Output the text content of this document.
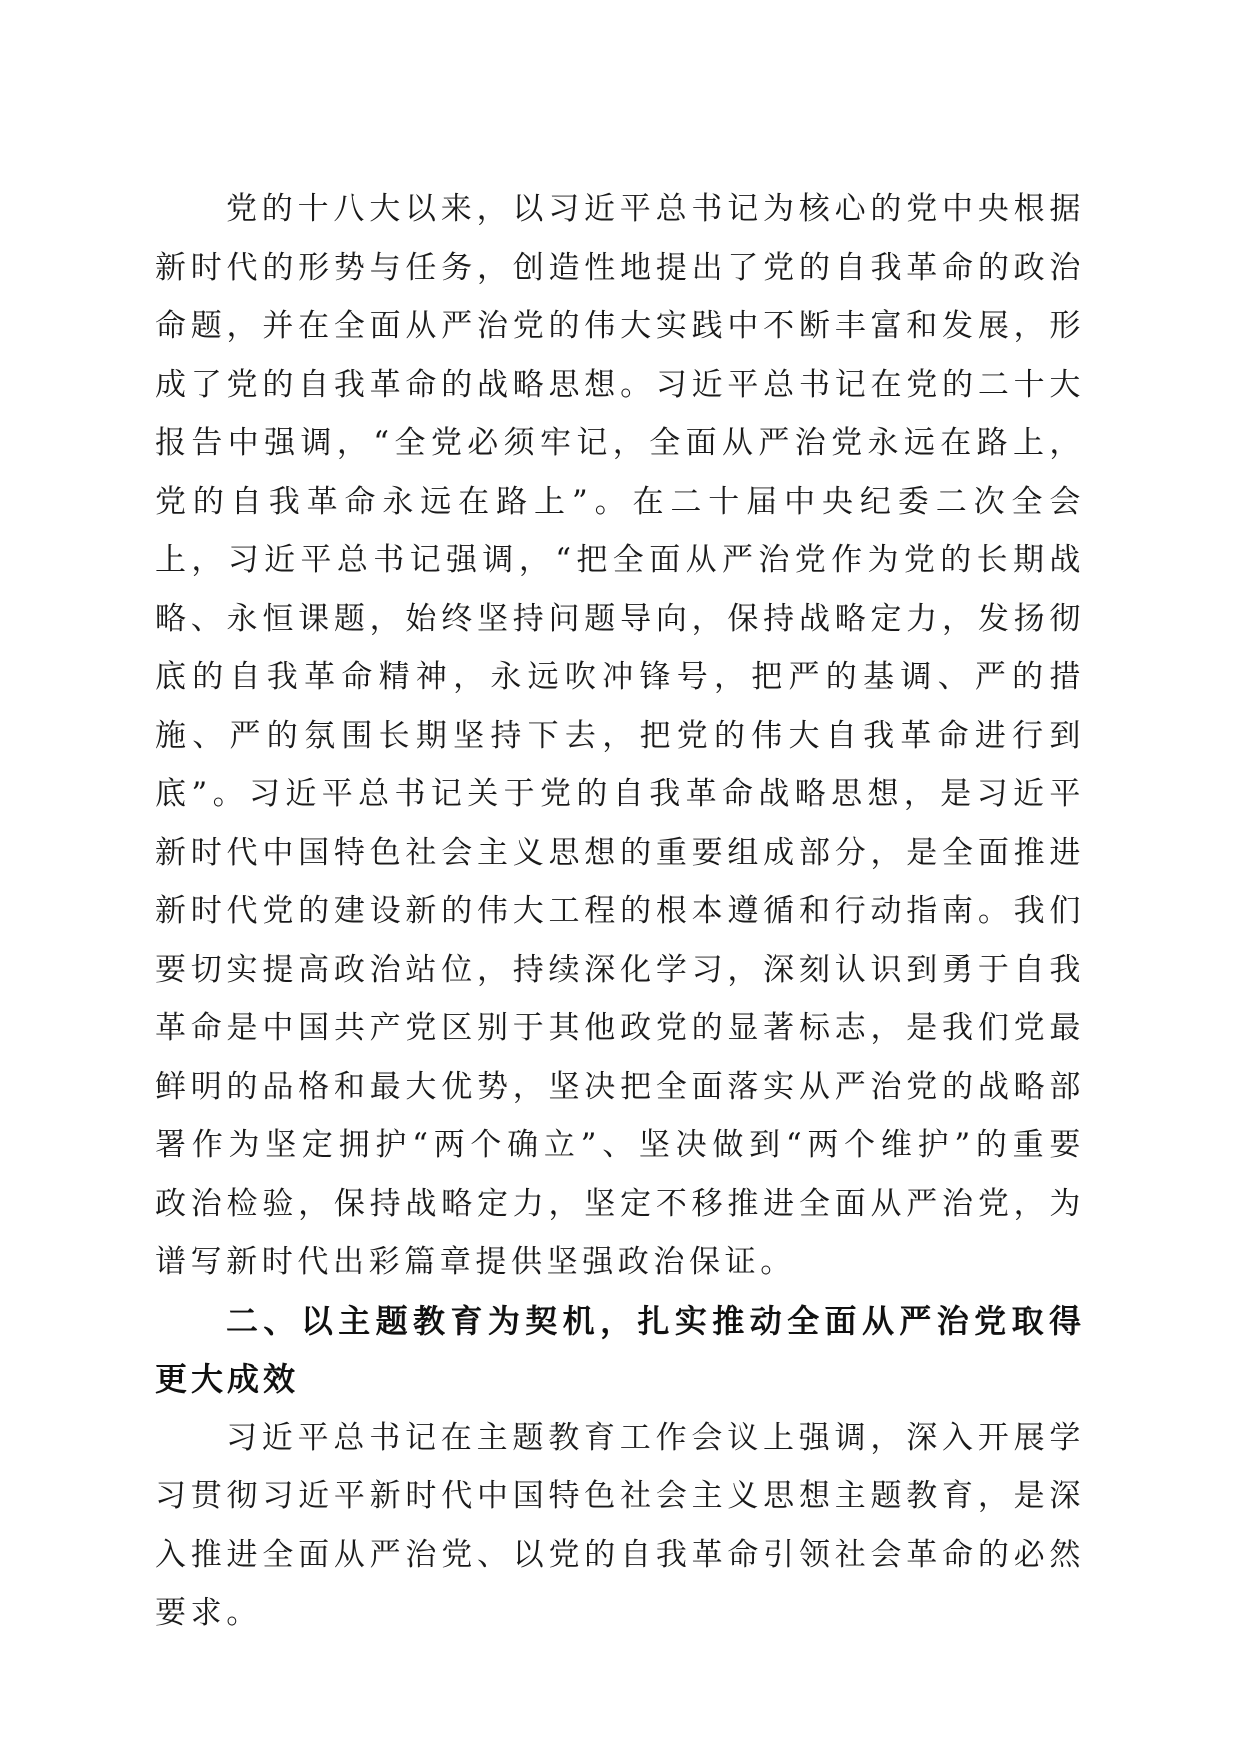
党的十八大以来，以习近平总书记为核心的党中央根据新时代的形势与任务，创造性地提出了党的自我革命的政治命题，并在全面从严治党的伟大实践中不断丰富和发展，形成了党的自我革命的战略思想。习近平总书记在党的二十大报告中强调，“全党必须牢记，全面从严治党永远在路上，党的自我革命永远在路上”。在二十届中央纪委二次全会上，习近平总书记强调，“把全面从严治党作为党的长期战略、永恒课题，始终坚持问题导向，保持战略定力，发扬彻底的自我革命精神，永远吹冲锋号，把严的基调、严的措施、严的氛围长期坚持下去，把党的伟大自我革命进行到底”。习近平总书记关于党的自我革命战略思想，是习近平新时代中国特色社会主义思想的重要组成部分，是全面推进新时代党的建设新的伟大工程的根本遵循和行动指南。我们要切实提高政治站位，持续深化学习，深刻认识到勇于自我革命是中国共产党区别于其他政党的显著标志，是我们党最鲜明的品格和最大优势，坚决把全面落实从严治党的战略部署作为坚定拥护“两个确立”、坚决做到“两个维护”的重要政治检验，保持战略定力，坚定不移推进全面从严治党，为谱写新时代出彩篇章提供坚强政治保证。

二、以主题教育为契机，扎实推动全面从严治党取得更大成效

习近平总书记在主题教育工作会议上强调，深入开展学习贯彻习近平新时代中国特色社会主义思想主题教育，是深入推进全面从严治党、以党的自我革命引领社会革命的必然要求。
